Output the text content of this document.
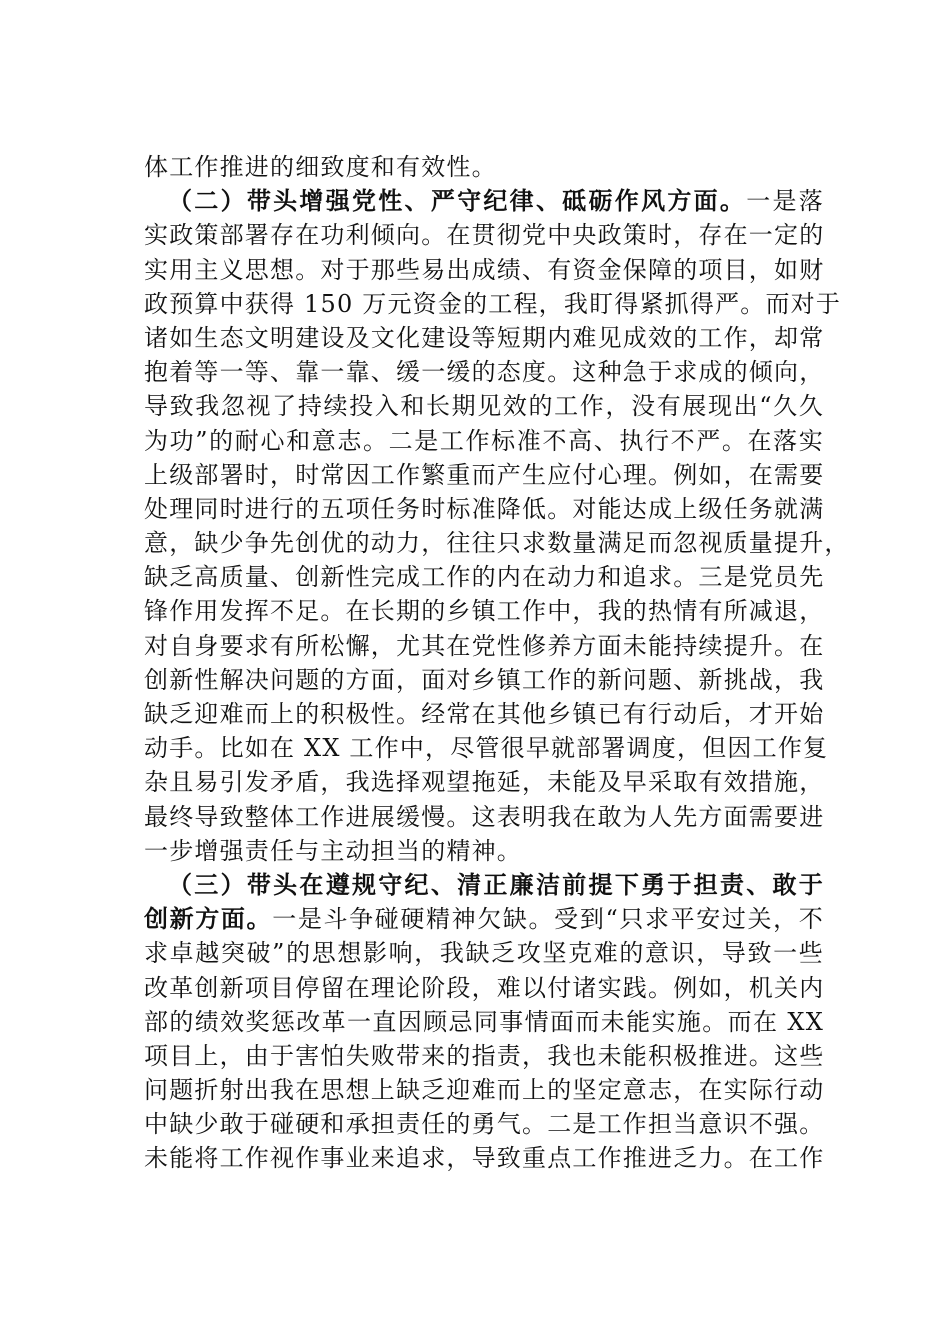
体工作推进的细致度和有效性。
（二）带头增强党性、严守纪律、砥砺作风方面。一是落
实政策部署存在功利倾向。在贯彻党中央政策时，存在一定的
实用主义思想。对于那些易出成绩、有资金保障的项目，如财
政预算中获得 150 万元资金的工程，我盯得紧抓得严。而对于
诸如生态文明建设及文化建设等短期内难见成效的工作，却常
抱着等一等、靠一靠、缓一缓的态度。这种急于求成的倾向，
导致我忽视了持续投入和长期见效的工作，没有展现出“久久
为功”的耐心和意志。二是工作标准不高、执行不严。在落实
上级部署时，时常因工作繁重而产生应付心理。例如，在需要
处理同时进行的五项任务时标准降低。对能达成上级任务就满
意，缺少争先创优的动力，往往只求数量满足而忽视质量提升，
缺乏高质量、创新性完成工作的内在动力和追求。三是党员先
锋作用发挥不足。在长期的乡镇工作中，我的热情有所减退，
对自身要求有所松懈，尤其在党性修养方面未能持续提升。在
创新性解决问题的方面，面对乡镇工作的新问题、新挑战，我
缺乏迎难而上的积极性。经常在其他乡镇已有行动后，才开始
动手。比如在 XX 工作中，尽管很早就部署调度，但因工作复
杂且易引发矛盾，我选择观望拖延，未能及早采取有效措施，
最终导致整体工作进展缓慢。这表明我在敢为人先方面需要进
一步增强责任与主动担当的精神。
（三）带头在遵规守纪、清正廉洁前提下勇于担责、敢于
创新方面。一是斗争碰硬精神欠缺。受到“只求平安过关，不
求卓越突破”的思想影响，我缺乏攻坚克难的意识，导致一些
改革创新项目停留在理论阶段，难以付诸实践。例如，机关内
部的绩效奖惩改革一直因顾忌同事情面而未能实施。而在 XX
项目上，由于害怕失败带来的指责，我也未能积极推进。这些
问题折射出我在思想上缺乏迎难而上的坚定意志，在实际行动
中缺少敢于碰硬和承担责任的勇气。二是工作担当意识不强。
未能将工作视作事业来追求，导致重点工作推进乏力。在工作
